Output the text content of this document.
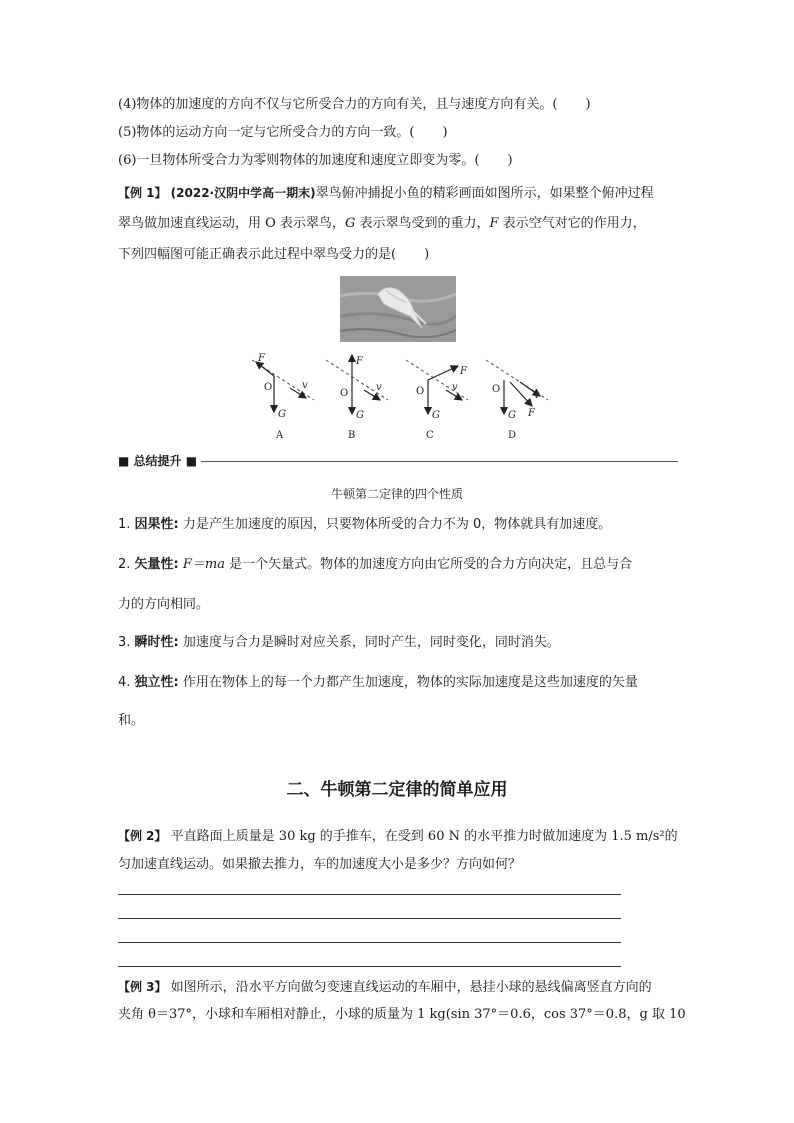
(4)物体的加速度的方向不仅与它所受合力的方向有关，且与速度方向有关。( )
(5)物体的运动方向一定与它所受合力的方向一致。( )
(6)一旦物体所受合力为零则物体的加速度和速度立即变为零。( )
【例 1】 (2022·汉阴中学高一期末)翠鸟俯冲捕捉小鱼的精彩画面如图所示，如果整个俯冲过程
翠鸟做加速直线运动，用 O 表示翠鸟，G 表示翠鸟受到的重力，F 表示空气对它的作用力，
下列四幅图可能正确表示此过程中翠鸟受力的是( )
F
O	v
G
A
F
O
v
G
B
F
O	v
G
C
O
v
F
G
D
■ 总结提升 ■
牛顿第二定律的四个性质
1. 因果性: 力是产生加速度的原因，只要物体所受的合力不为 0，物体就具有加速度。
2. 矢量性: F＝ma 是一个矢量式。物体的加速度方向由它所受的合力方向决定，且总与合
力的方向相同。
3. 瞬时性: 加速度与合力是瞬时对应关系，同时产生，同时变化，同时消失。
4. 独立性: 作用在物体上的每一个力都产生加速度，物体的实际加速度是这些加速度的矢量
和。
二、牛顿第二定律的简单应用
【例 2】 平直路面上质量是 30 kg 的手推车，在受到 60 N 的水平推力时做加速度为 1.5 m/s²的
匀加速直线运动。如果撤去推力，车的加速度大小是多少？方向如何？
【例 3】 如图所示，沿水平方向做匀变速直线运动的车厢中，悬挂小球的悬线偏离竖直方向的
夹角 θ＝37°，小球和车厢相对静止，小球的质量为 1 kg(sin 37°＝0.6，cos 37°＝0.8，g 取 10
